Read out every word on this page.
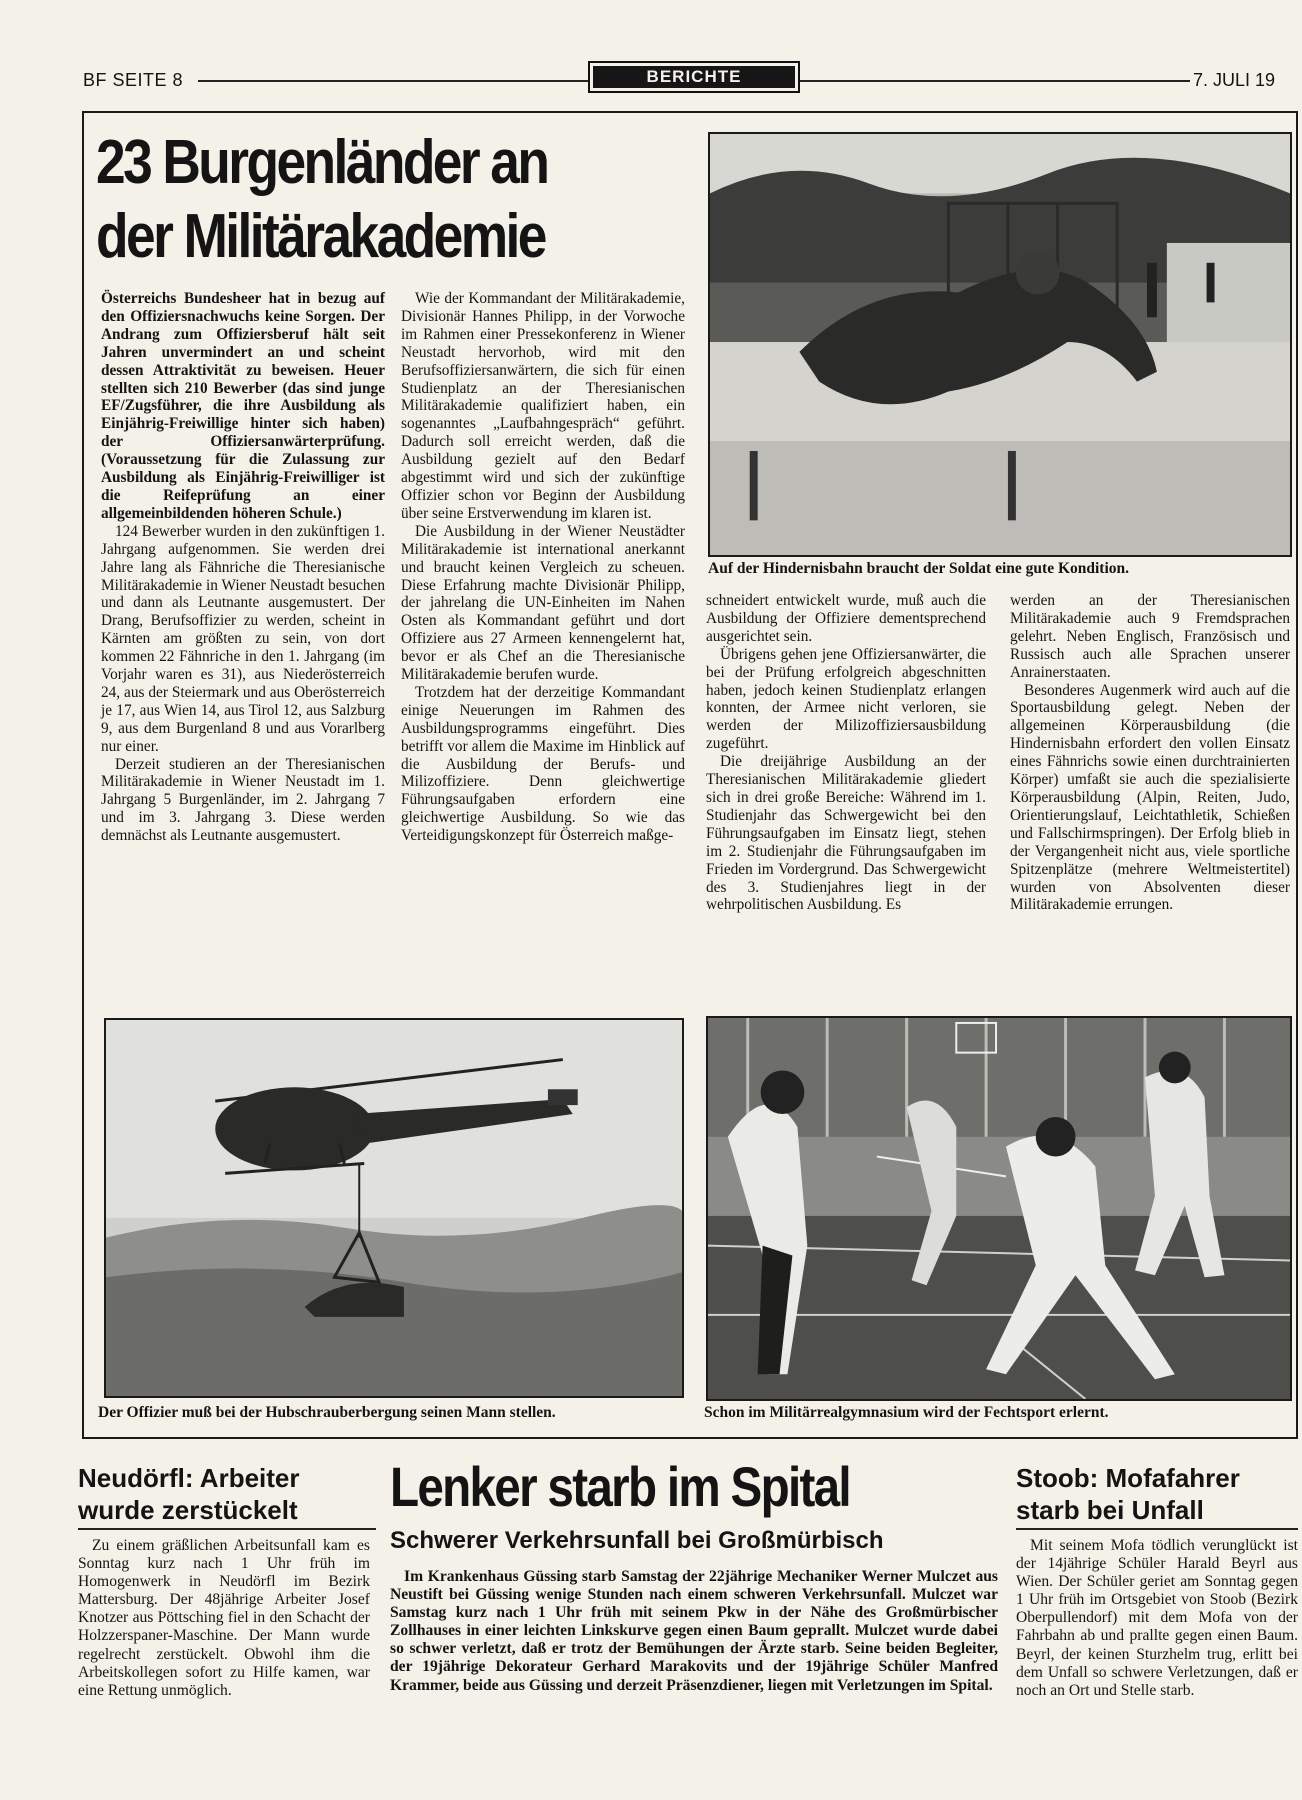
BF SEITE 8	BERICHTE	7. JULI 19
23 Burgenländer an
der Militärakademie

Österreichs Bundesheer hat in bezug auf den Offiziersnachwuchs keine Sorgen. Der Andrang zum Offiziersberuf hält seit Jahren unvermindert an und scheint dessen Attraktivität zu beweisen. Heuer stellten sich 210 Bewerber (das sind junge EF/Zugsführer, die ihre Ausbildung als Einjährig-Freiwillige hinter sich haben) der Offiziersanwärterprüfung. (Voraussetzung für die Zulassung zur Ausbildung als Einjährig-Freiwilliger ist die Reifeprüfung an einer allgemeinbildenden höheren Schule.)

124 Bewerber wurden in den zukünftigen 1. Jahrgang aufgenommen. Sie werden drei Jahre lang als Fähnriche die Theresianische Militärakademie in Wiener Neustadt besuchen und dann als Leutnante ausgemustert. Der Drang, Berufsoffizier zu werden, scheint in Kärnten am größten zu sein, von dort kommen 22 Fähnriche in den 1. Jahrgang (im Vorjahr waren es 31), aus Niederösterreich 24, aus der Steiermark und aus Oberösterreich je 17, aus Wien 14, aus Tirol 12, aus Salzburg 9, aus dem Burgenland 8 und aus Vorarlberg nur einer.

Derzeit studieren an der Theresianischen Militärakademie in Wiener Neustadt im 1. Jahrgang 5 Burgenländer, im 2. Jahrgang 7 und im 3. Jahrgang 3. Diese werden demnächst als Leutnante ausgemustert.

Wie der Kommandant der Militärakademie, Divisionär Hannes Philipp, in der Vorwoche im Rahmen einer Pressekonferenz in Wiener Neustadt hervorhob, wird mit den Berufsoffiziersanwärtern, die sich für einen Studienplatz an der Theresianischen Militärakademie qualifiziert haben, ein sogenanntes „Laufbahngespräch“ geführt. Dadurch soll erreicht werden, daß die Ausbildung gezielt auf den Bedarf abgestimmt wird und sich der zukünftige Offizier schon vor Beginn der Ausbildung über seine Erstverwendung im klaren ist.

Die Ausbildung in der Wiener Neustädter Militärakademie ist international anerkannt und braucht keinen Vergleich zu scheuen. Diese Erfahrung machte Divisionär Philipp, der jahrelang die UN-Einheiten im Nahen Osten als Kommandant geführt und dort Offiziere aus 27 Armeen kennengelernt hat, bevor er als Chef an die Theresianische Militärakademie berufen wurde.

Trotzdem hat der derzeitige Kommandant einige Neuerungen im Rahmen des Ausbildungsprogramms eingeführt. Dies betrifft vor allem die Maxime im Hinblick auf die Ausbildung der Berufs- und Milizoffiziere. Denn gleichwertige Führungsaufgaben erfordern eine gleichwertige Ausbildung. So wie das Verteidigungskonzept für Österreich maßge-

Auf der Hindernisbahn braucht der Soldat eine gute Kondition.

schneidert entwickelt wurde, muß auch die Ausbildung der Offiziere dementsprechend ausgerichtet sein.

Übrigens gehen jene Offiziersanwärter, die bei der Prüfung erfolgreich abgeschnitten haben, jedoch keinen Studienplatz erlangen konnten, der Armee nicht verloren, sie werden der Milizoffiziersausbildung zugeführt.

Die dreijährige Ausbildung an der Theresianischen Militärakademie gliedert sich in drei große Bereiche: Während im 1. Studienjahr das Schwergewicht bei den Führungsaufgaben im Einsatz liegt, stehen im 2. Studienjahr die Führungsaufgaben im Frieden im Vordergrund. Das Schwergewicht des 3. Studienjahres liegt in der wehrpolitischen Ausbildung. Es

werden an der Theresianischen Militärakademie auch 9 Fremdsprachen gelehrt. Neben Englisch, Französisch und Russisch auch alle Sprachen unserer Anrainerstaaten.

Besonderes Augenmerk wird auch auf die Sportausbildung gelegt. Neben der allgemeinen Körperausbildung (die Hindernisbahn erfordert den vollen Einsatz eines Fähnrichs sowie einen durchtrainierten Körper) umfaßt sie auch die spezialisierte Körperausbildung (Alpin, Reiten, Judo, Orientierungslauf, Leichtathletik, Schießen und Fallschirmspringen). Der Erfolg blieb in der Vergangenheit nicht aus, viele sportliche Spitzenplätze (mehrere Weltmeistertitel) wurden von Absolventen dieser Militärakademie errungen.

Der Offizier muß bei der Hubschrauberbergung seinen Mann stellen.	Schon im Militärrealgymnasium wird der Fechtsport erlernt.
Neudörfl: Arbeiter wurde zerstückelt

Zu einem gräßlichen Arbeitsunfall kam es Sonntag kurz nach 1 Uhr früh im Homogenwerk in Neudörfl im Bezirk Mattersburg. Der 48jährige Arbeiter Josef Knotzer aus Pöttsching fiel in den Schacht der Holzzerspaner-Maschine. Der Mann wurde regelrecht zerstückelt. Obwohl ihm die Arbeitskollegen sofort zu Hilfe kamen, war eine Rettung unmöglich.

Lenker starb im Spital
Schwerer Verkehrsunfall bei Großmürbisch

Im Krankenhaus Güssing starb Samstag der 22jährige Mechaniker Werner Mulczet aus Neustift bei Güssing wenige Stunden nach einem schweren Verkehrsunfall. Mulczet war Samstag kurz nach 1 Uhr früh mit seinem Pkw in der Nähe des Großmürbischer Zollhauses in einer leichten Linkskurve gegen einen Baum geprallt. Mulczet wurde dabei so schwer verletzt, daß er trotz der Bemühungen der Ärzte starb. Seine beiden Begleiter, der 19jährige Dekorateur Gerhard Marakovits und der 19jährige Schüler Manfred Krammer, beide aus Güssing und derzeit Präsenzdiener, liegen mit Verletzungen im Spital.

Stoob: Mofafahrer starb bei Unfall

Mit seinem Mofa tödlich verunglückt ist der 14jährige Schüler Harald Beyrl aus Wien. Der Schüler geriet am Sonntag gegen 1 Uhr früh im Ortsgebiet von Stoob (Bezirk Oberpullendorf) mit dem Mofa von der Fahrbahn ab und prallte gegen einen Baum. Beyrl, der keinen Sturzhelm trug, erlitt bei dem Unfall so schwere Verletzungen, daß er noch an Ort und Stelle starb.
